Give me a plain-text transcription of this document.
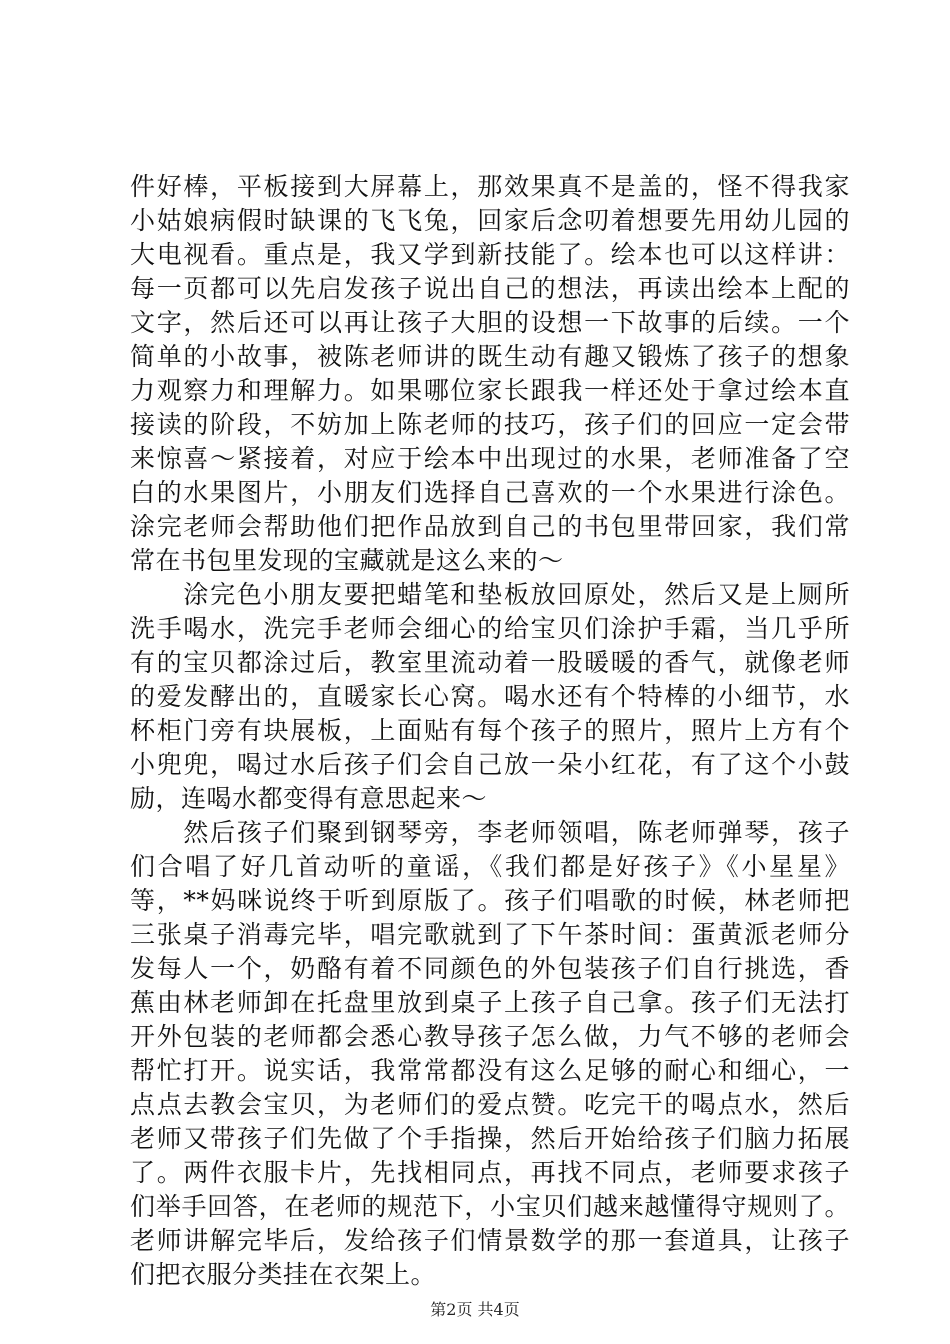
件好棒，平板接到大屏幕上，那效果真不是盖的，怪不得我家
小姑娘病假时缺课的飞飞兔，回家后念叨着想要先用幼儿园的
大电视看。重点是，我又学到新技能了。绘本也可以这样讲：
每一页都可以先启发孩子说出自己的想法，再读出绘本上配的
文字，然后还可以再让孩子大胆的设想一下故事的后续。一个
简单的小故事，被陈老师讲的既生动有趣又锻炼了孩子的想象
力观察力和理解力。如果哪位家长跟我一样还处于拿过绘本直
接读的阶段，不妨加上陈老师的技巧，孩子们的回应一定会带
来惊喜～紧接着，对应于绘本中出现过的水果，老师准备了空
白的水果图片，小朋友们选择自己喜欢的一个水果进行涂色。
涂完老师会帮助他们把作品放到自己的书包里带回家，我们常
常在书包里发现的宝藏就是这么来的～
　　涂完色小朋友要把蜡笔和垫板放回原处，然后又是上厕所
洗手喝水，洗完手老师会细心的给宝贝们涂护手霜，当几乎所
有的宝贝都涂过后，教室里流动着一股暖暖的香气，就像老师
的爱发酵出的，直暖家长心窝。喝水还有个特棒的小细节，水
杯柜门旁有块展板，上面贴有每个孩子的照片，照片上方有个
小兜兜，喝过水后孩子们会自己放一朵小红花，有了这个小鼓
励，连喝水都变得有意思起来～
　　然后孩子们聚到钢琴旁，李老师领唱，陈老师弹琴，孩子
们合唱了好几首动听的童谣，《我们都是好孩子》《小星星》
等，**妈咪说终于听到原版了。孩子们唱歌的时候，林老师把
三张桌子消毒完毕，唱完歌就到了下午茶时间：蛋黄派老师分
发每人一个，奶酪有着不同颜色的外包装孩子们自行挑选，香
蕉由林老师卸在托盘里放到桌子上孩子自己拿。孩子们无法打
开外包装的老师都会悉心教导孩子怎么做，力气不够的老师会
帮忙打开。说实话，我常常都没有这么足够的耐心和细心，一
点点去教会宝贝，为老师们的爱点赞。吃完干的喝点水，然后
老师又带孩子们先做了个手指操，然后开始给孩子们脑力拓展
了。两件衣服卡片，先找相同点，再找不同点，老师要求孩子
们举手回答，在老师的规范下，小宝贝们越来越懂得守规则了。
老师讲解完毕后，发给孩子们情景数学的那一套道具，让孩子
们把衣服分类挂在衣架上。
第2页 共4页
